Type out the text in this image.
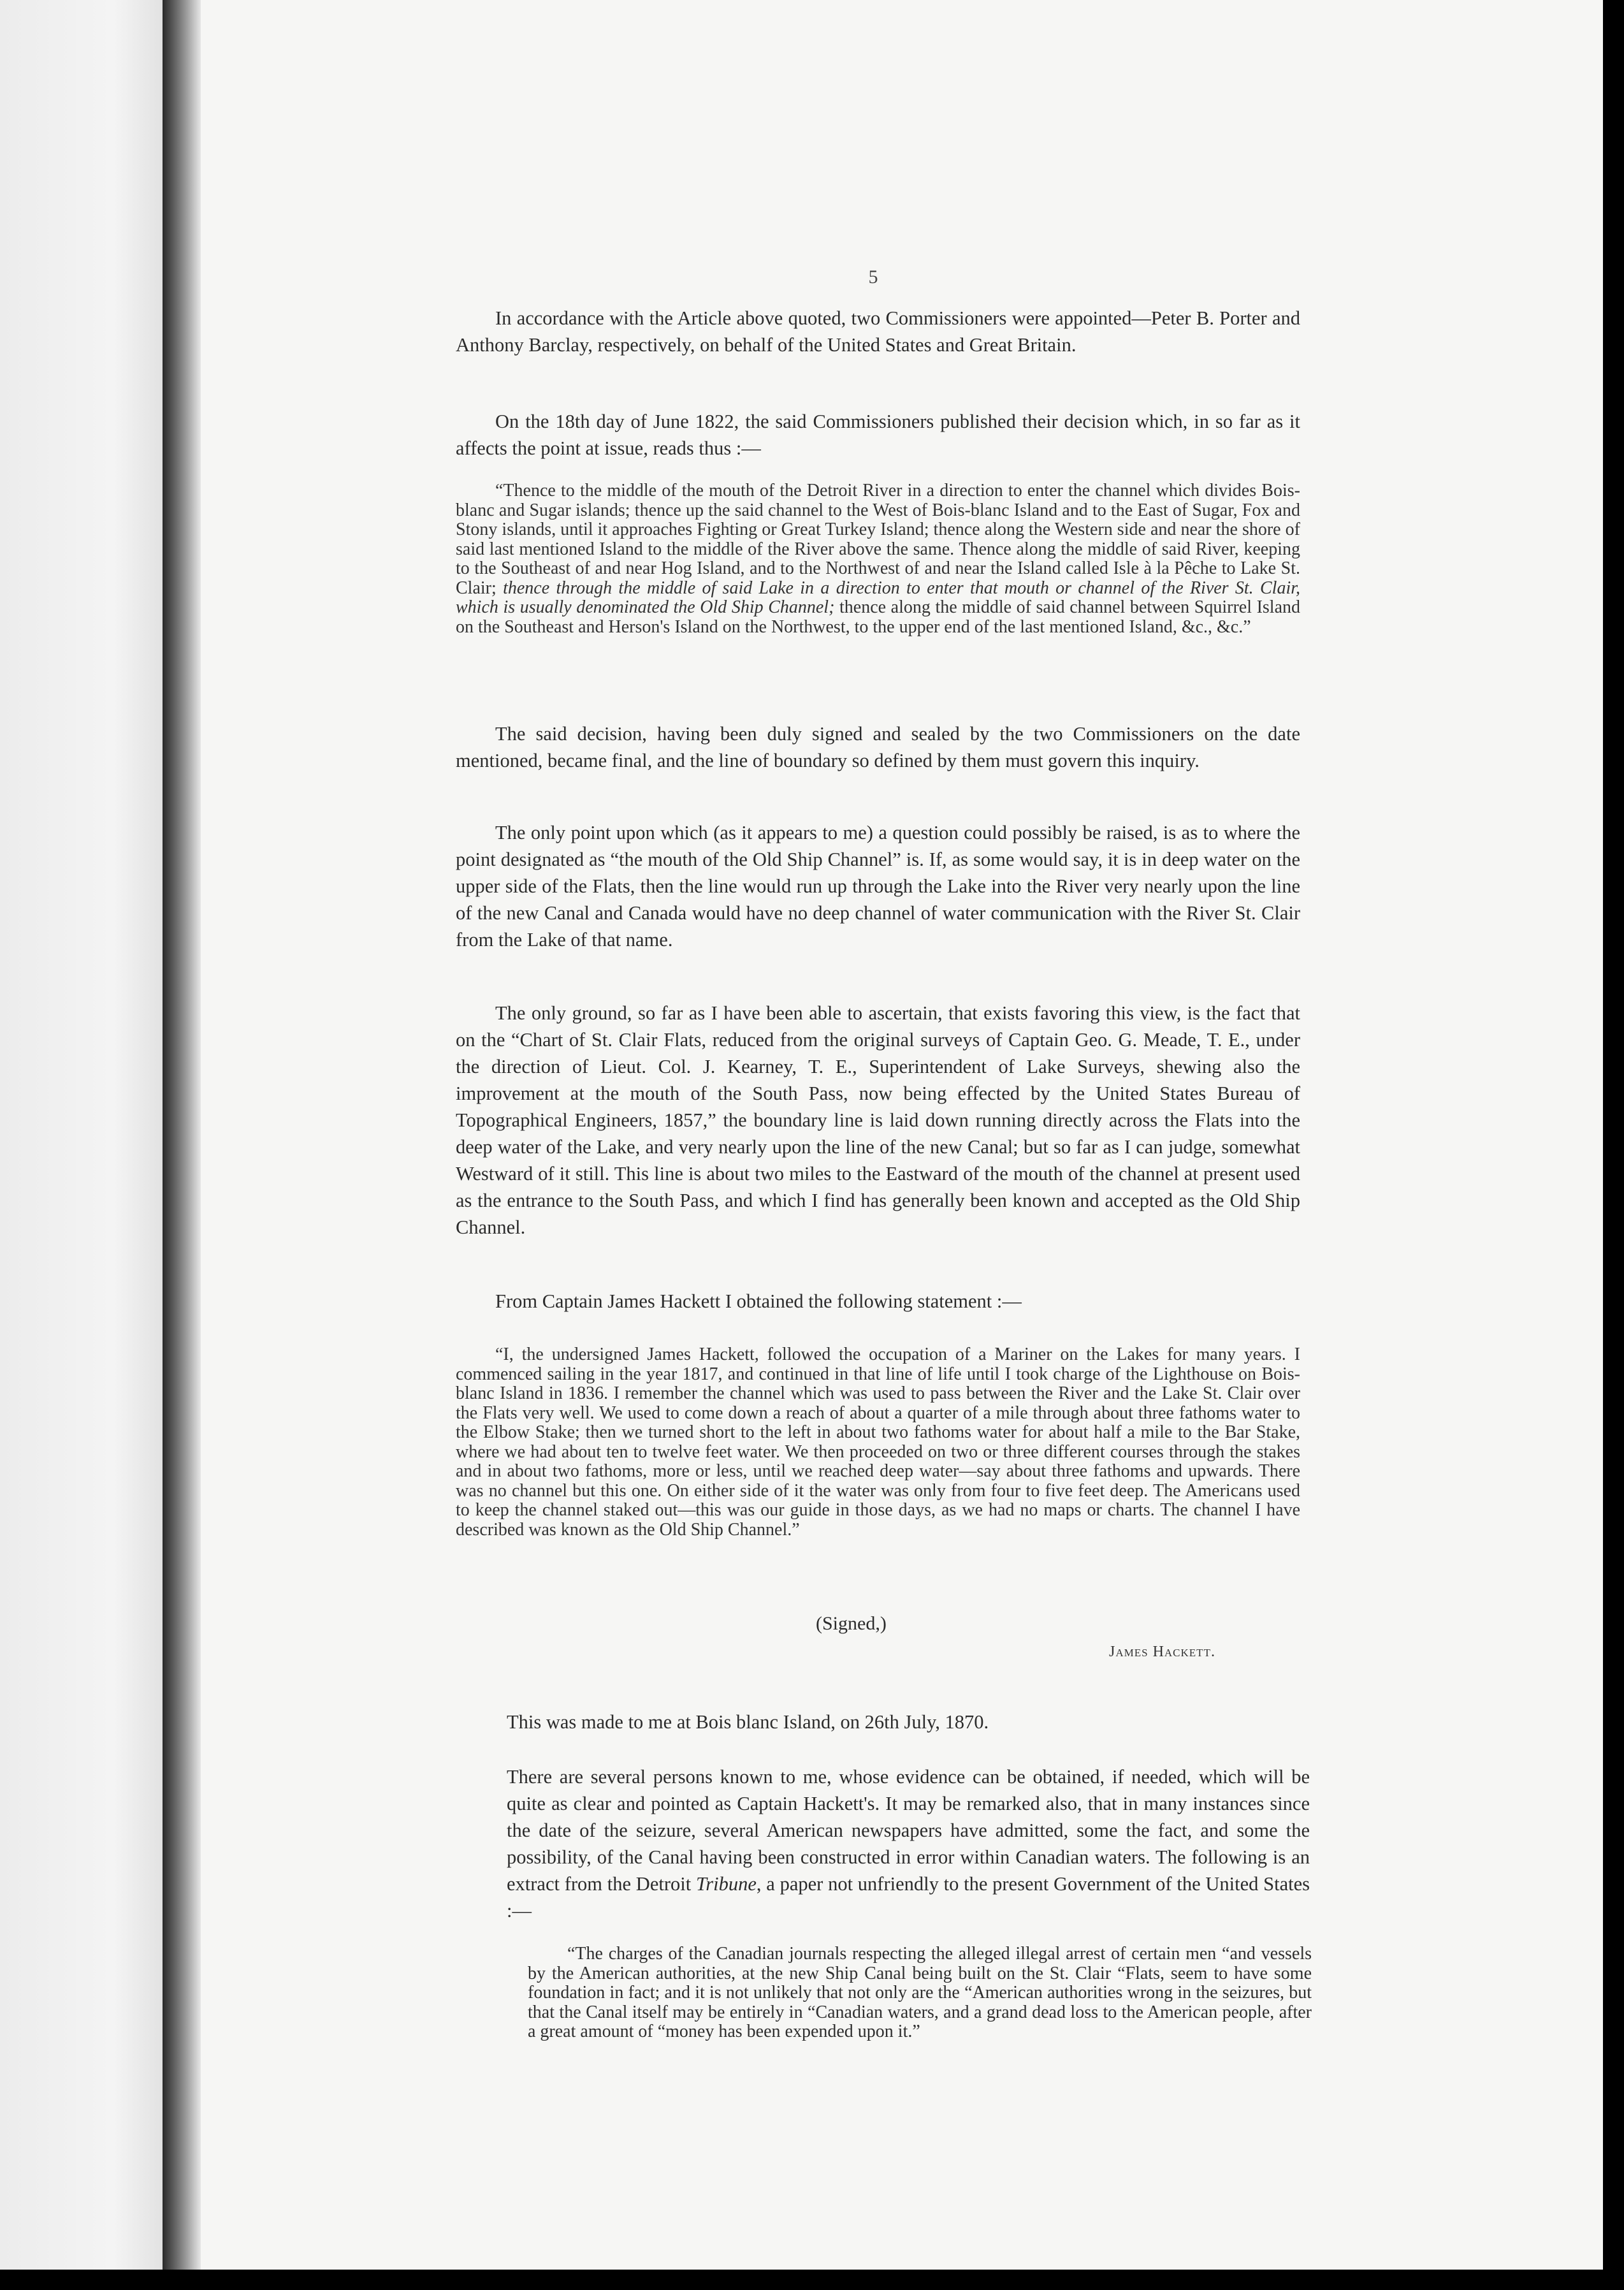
5

In accordance with the Article above quoted, two Commissioners were appointed—Peter B. Porter and Anthony Barclay, respectively, on behalf of the United States and Great Britain.

On the 18th day of June 1822, the said Commissioners published their decision which, in so far as it affects the point at issue, reads thus :—

“Thence to the middle of the mouth of the Detroit River in a direction to enter the channel which divides Bois-blanc and Sugar islands; thence up the said channel to the West of Bois-blanc Island and to the East of Sugar, Fox and Stony islands, until it approaches Fighting or Great Turkey Island; thence along the Western side and near the shore of said last mentioned Island to the middle of the River above the same. Thence along the middle of said River, keeping to the Southeast of and near Hog Island, and to the Northwest of and near the Island called Isle à la Pêche to Lake St. Clair; thence through the middle of said Lake in a direction to enter that mouth or channel of the River St. Clair, which is usually denominated the Old Ship Channel; thence along the middle of said channel between Squirrel Island on the Southeast and Herson's Island on the Northwest, to the upper end of the last mentioned Island, &c., &c.”

The said decision, having been duly signed and sealed by the two Commissioners on the date mentioned, became final, and the line of boundary so defined by them must govern this inquiry.

The only point upon which (as it appears to me) a question could possibly be raised, is as to where the point designated as “the mouth of the Old Ship Channel” is. If, as some would say, it is in deep water on the upper side of the Flats, then the line would run up through the Lake into the River very nearly upon the line of the new Canal and Canada would have no deep channel of water communication with the River St. Clair from the Lake of that name.

The only ground, so far as I have been able to ascertain, that exists favoring this view, is the fact that on the “Chart of St. Clair Flats, reduced from the original surveys of Captain Geo. G. Meade, T. E., under the direction of Lieut. Col. J. Kearney, T. E., Superintendent of Lake Surveys, shewing also the improvement at the mouth of the South Pass, now being effected by the United States Bureau of Topographical Engineers, 1857,” the boundary line is laid down running directly across the Flats into the deep water of the Lake, and very nearly upon the line of the new Canal; but so far as I can judge, somewhat Westward of it still. This line is about two miles to the Eastward of the mouth of the channel at present used as the entrance to the South Pass, and which I find has generally been known and accepted as the Old Ship Channel.

From Captain James Hackett I obtained the following statement :—

“I, the undersigned James Hackett, followed the occupation of a Mariner on the Lakes for many years. I commenced sailing in the year 1817, and continued in that line of life until I took charge of the Lighthouse on Bois-blanc Island in 1836. I remember the channel which was used to pass between the River and the Lake St. Clair over the Flats very well. We used to come down a reach of about a quarter of a mile through about three fathoms water to the Elbow Stake; then we turned short to the left in about two fathoms water for about half a mile to the Bar Stake, where we had about ten to twelve feet water. We then proceeded on two or three different courses through the stakes and in about two fathoms, more or less, until we reached deep water—say about three fathoms and upwards. There was no channel but this one. On either side of it the water was only from four to five feet deep. The Americans used to keep the channel staked out—this was our guide in those days, as we had no maps or charts. The channel I have described was known as the Old Ship Channel.”

(Signed,)

James Hackett.

This was made to me at Bois blanc Island, on 26th July, 1870.

There are several persons known to me, whose evidence can be obtained, if needed, which will be quite as clear and pointed as Captain Hackett's. It may be remarked also, that in many instances since the date of the seizure, several American newspapers have admitted, some the fact, and some the possibility, of the Canal having been constructed in error within Canadian waters. The following is an extract from the Detroit Tribune, a paper not unfriendly to the present Government of the United States :—

“The charges of the Canadian journals respecting the alleged illegal arrest of certain men “and vessels by the American authorities, at the new Ship Canal being built on the St. Clair “Flats, seem to have some foundation in fact; and it is not unlikely that not only are the “American authorities wrong in the seizures, but that the Canal itself may be entirely in “Canadian waters, and a grand dead loss to the American people, after a great amount of “money has been expended upon it.”
